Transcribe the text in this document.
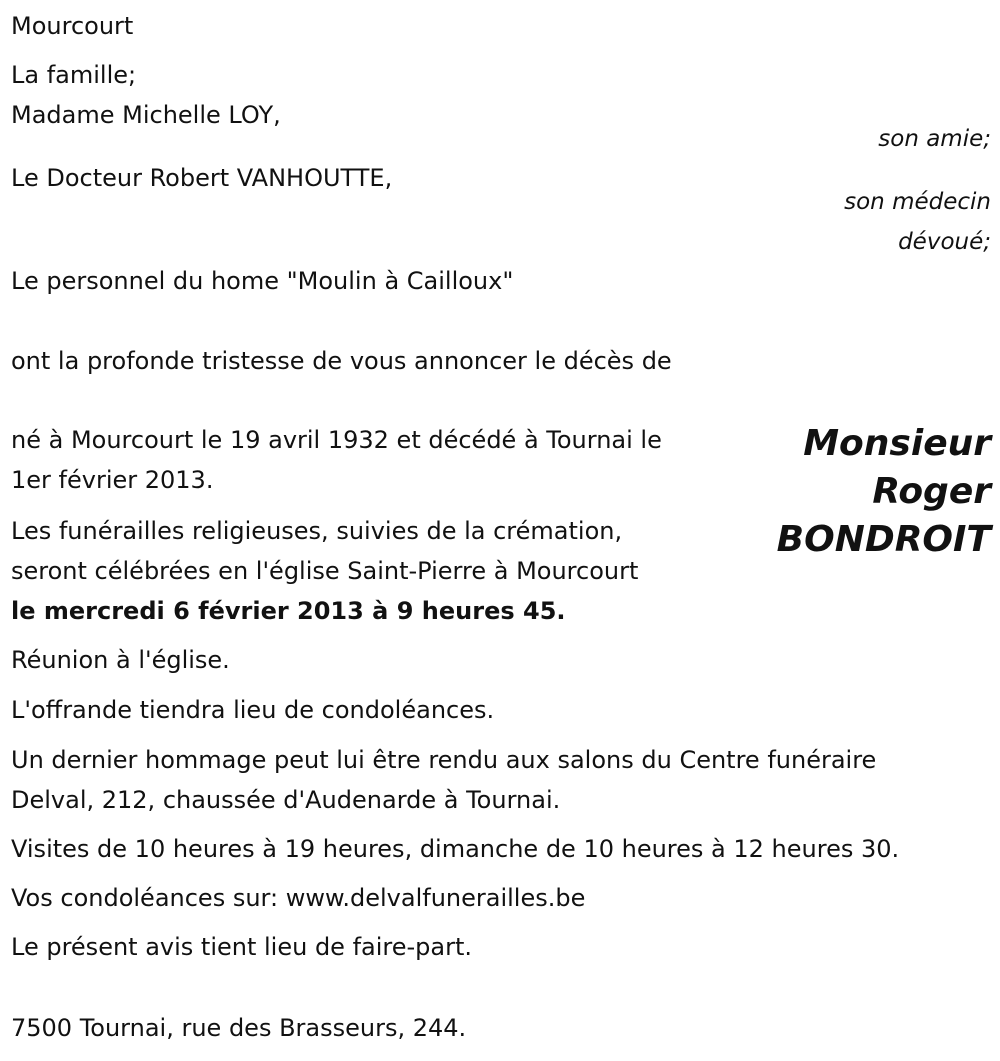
Mourcourt

La famille;

Madame Michelle LOY,

son amie;

Le Docteur Robert VANHOUTTE,

son médecin
dévoué;

Le personnel du home "Moulin à Cailloux"

ont la profonde tristesse de vous annoncer le décès de

Monsieur
Roger
BONDROIT

né à Mourcourt le 19 avril 1932 et décédé à Tournai le

1er février 2013.

Les funérailles religieuses, suivies de la crémation,

seront célébrées en l'église Saint-Pierre à Mourcourt

le mercredi 6 février 2013 à 9 heures 45.

Réunion à l'église.

L'offrande tiendra lieu de condoléances.

Un dernier hommage peut lui être rendu aux salons du Centre funéraire

Delval, 212, chaussée d'Audenarde à Tournai.

Visites de 10 heures à 19 heures, dimanche de 10 heures à 12 heures 30.

Vos condoléances sur: www.delvalfunerailles.be

Le présent avis tient lieu de faire-part.

7500 Tournai, rue des Brasseurs, 244.
